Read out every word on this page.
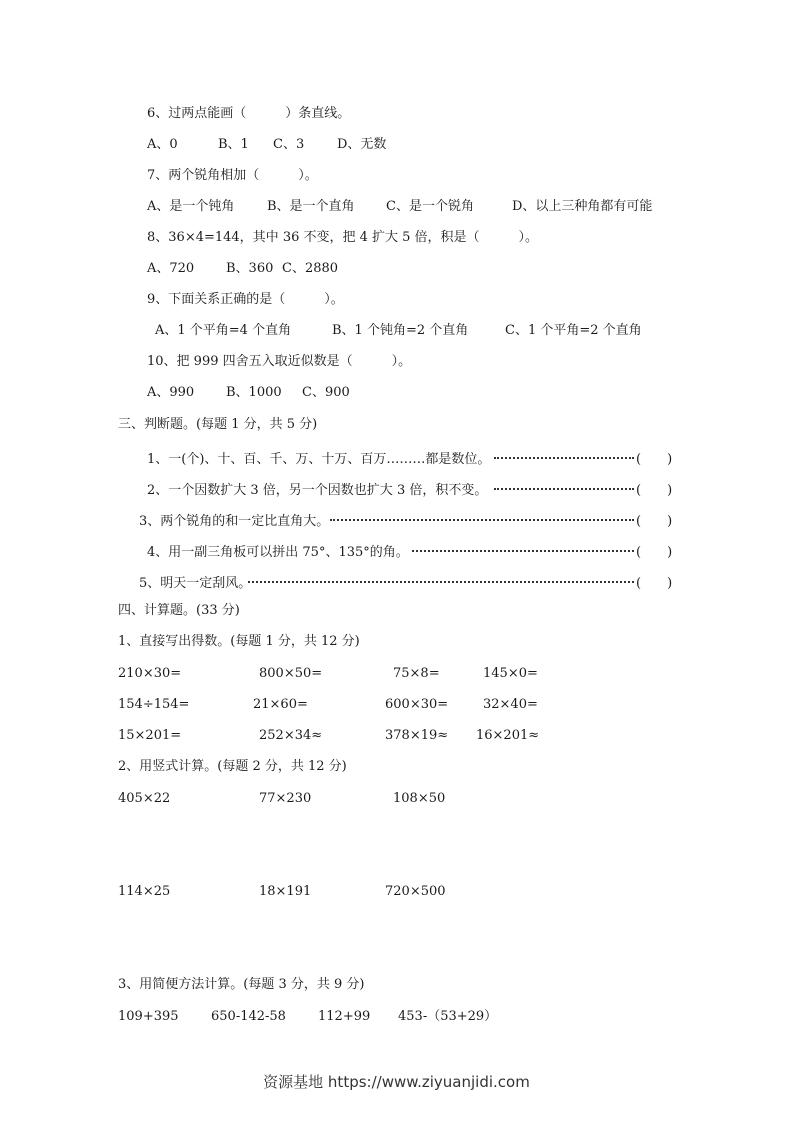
6、过两点能画（　　　）条直线。
A、0	B、1 C、3	D、无数
7、两个锐角相加（　　　）。
A、是一个钝角	B、是一个直角 C、是一个锐角	D、以上三种角都有可能
8、36×4=144，其中 36 不变，把 4 扩大 5 倍，积是（　　　）。
A、720 B、360 C、2880
9、下面关系正确的是（　　　）。
A、1 个平角=4 个直角	B、1 个钝角=2 个直角	C、1 个平角=2 个直角
10、把 999 四舍五入取近似数是（　　　）。
A、990 B、1000 C、900
三、判断题。(每题 1 分，共 5 分)
1、一(个)、十、百、千、万、十万、百万………都是数位。	(　　)
2、一个因数扩大 3 倍，另一个因数也扩大 3 倍，积不变。	(　　)
3、两个锐角的和一定比直角大。	(　　)
4、用一副三角板可以拼出 75°、135°的角。	(　　)
5、明天一定刮风。	(　　)
四、计算题。(33 分)
1、直接写出得数。(每题 1 分，共 12 分)
210×30=	800×50=	75×8=	145×0=
154÷154=	21×60=	600×30=	32×40=
15×201=	252×34≈	378×19≈ 16×201≈
2、用竖式计算。(每题 2 分，共 12 分)
405×22	77×230	108×50
114×25	18×191	720×500
3、用简便方法计算。(每题 3 分，共 9 分)
109+395 650-142-58 112+99 453-（53+29）
资源基地 https://www.ziyuanjidi.com
